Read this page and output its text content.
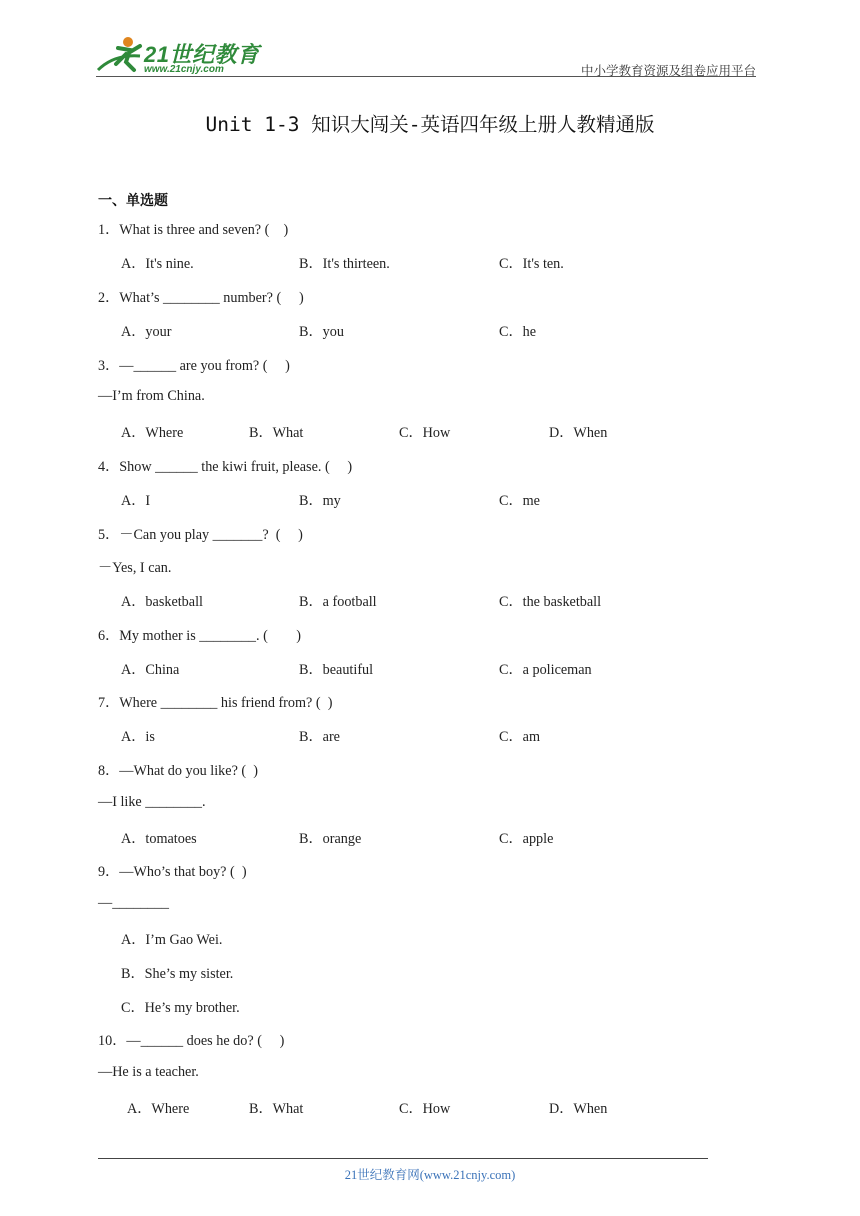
21世纪教育
www.21cnjy.com	中小学教育资源及组卷应用平台
Unit 1-3 知识大闯关-英语四年级上册人教精通版
一、单选题
1．What is three and seven? (    )
A．It's nine.	B．It's thirteen.	C．It's ten.
2．What’s ________ number? (     )
A．your	B．you	C．he
3．—______ are you from? (     )
—I’m from China.
A．Where	B．What	C．How	D．When
4．Show ______ the kiwi fruit, please. (     )
A．I	B．my	C．me
5．－Can you play _______?  (     )
－Yes, I can.
A．basketball	B．a football	C．the basketball
6．My mother is ________. (        )
A．China	B．beautiful	C．a policeman
7．Where ________ his friend from? (  )
A．is	B．are	C．am
8．—What do you like? (  )
—I like ________.
A．tomatoes	B．orange	C．apple
9．—Who’s that boy? (  )
—________
A．I’m Gao Wei.
B．She’s my sister.
C．He’s my brother.
10．—______ does he do? (     )
—He is a teacher.
A．Where	B．What	C．How	D．When
21世纪教育网(www.21cnjy.com)
